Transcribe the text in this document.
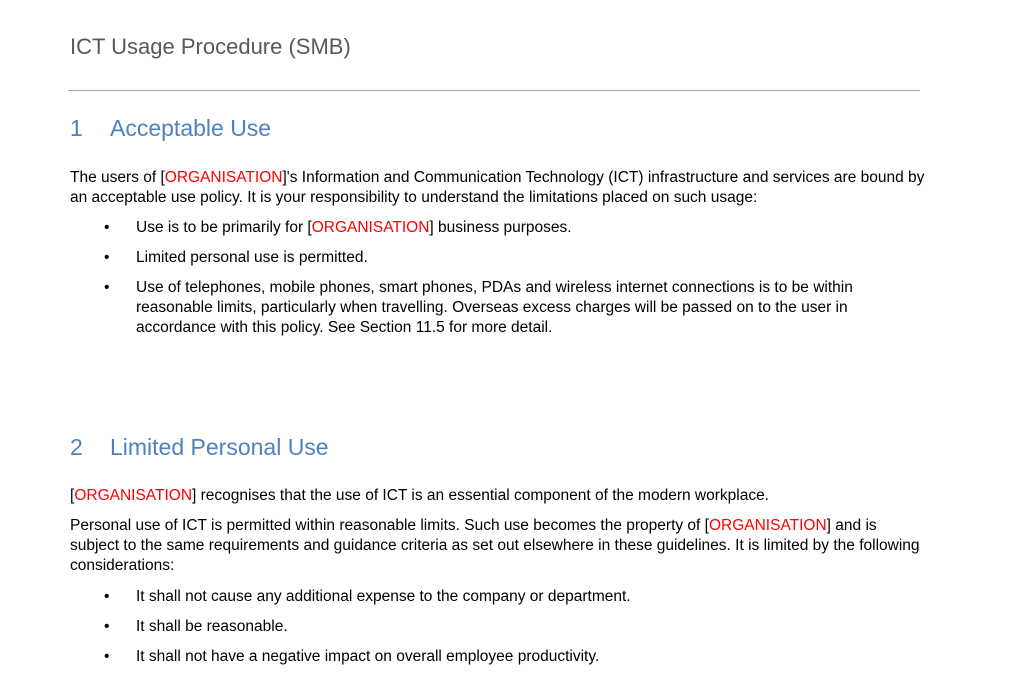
ICT Usage Procedure (SMB)
1 Acceptable Use

The users of [ORGANISATION]'s Information and Communication Technology (ICT) infrastructure and services are bound by an acceptable use policy. It is your responsibility to understand the limitations placed on such usage:

• Use is to be primarily for [ORGANISATION] business purposes.
• Limited personal use is permitted.
• Use of telephones, mobile phones, smart phones, PDAs and wireless internet connections is to be within reasonable limits, particularly when travelling. Overseas excess charges will be passed on to the user in accordance with this policy. See Section 11.5 for more detail.
2 Limited Personal Use

[ORGANISATION] recognises that the use of ICT is an essential component of the modern workplace.

Personal use of ICT is permitted within reasonable limits. Such use becomes the property of [ORGANISATION] and is subject to the same requirements and guidance criteria as set out elsewhere in these guidelines. It is limited by the following considerations:

• It shall not cause any additional expense to the company or department.
• It shall be reasonable.
• It shall not have a negative impact on overall employee productivity.
